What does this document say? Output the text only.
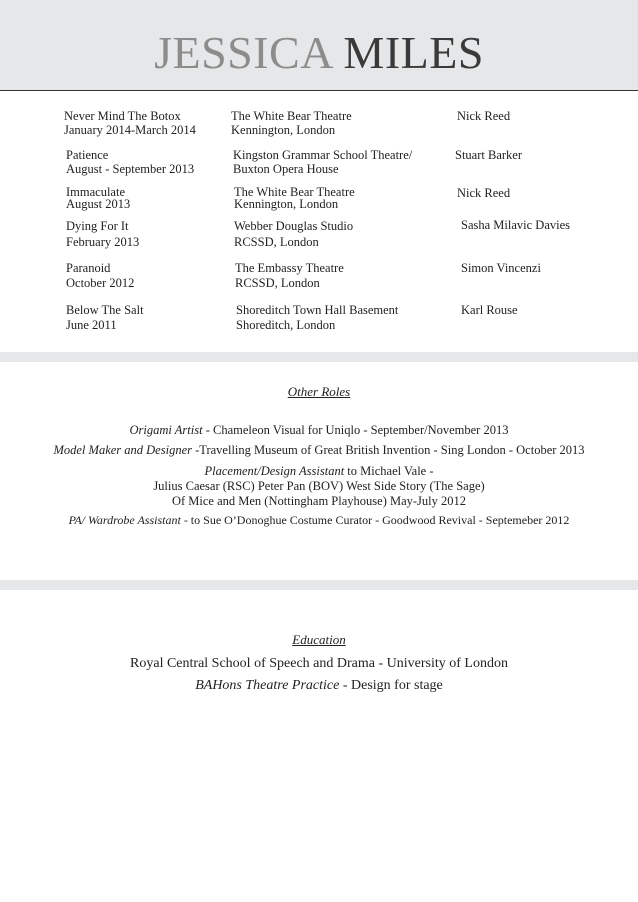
JESSICA MILES
Never Mind The Botox
January 2014-March 2014
The White Bear Theatre
Kennington, London
Nick Reed
Patience
August - September 2013
Kingston Grammar School Theatre/
Buxton Opera House
Stuart Barker
Immaculate
August 2013
The White Bear Theatre
Kennington, London
Nick Reed
Dying For It
February 2013
Webber Douglas Studio
RCSSD, London
Sasha Milavic Davies
Paranoid
October 2012
The Embassy Theatre
RCSSD, London
Simon Vincenzi
Below The Salt
June 2011
Shoreditch Town Hall Basement
Shoreditch, London
Karl Rouse
Other Roles
Origami Artist - Chameleon Visual for Uniqlo - September/November 2013
Model Maker and Designer -Travelling Museum of Great British Invention - Sing London - October 2013
Placement/Design Assistant to Michael Vale -
Julius Caesar (RSC) Peter Pan (BOV) West Side Story (The Sage)
Of Mice and Men (Nottingham Playhouse) May-July 2012
PA/ Wardrobe Assistant - to Sue O’Donoghue Costume Curator - Goodwood Revival - Septemeber 2012
Education
Royal Central School of Speech and Drama - University of London
BAHons Theatre Practice - Design for stage
